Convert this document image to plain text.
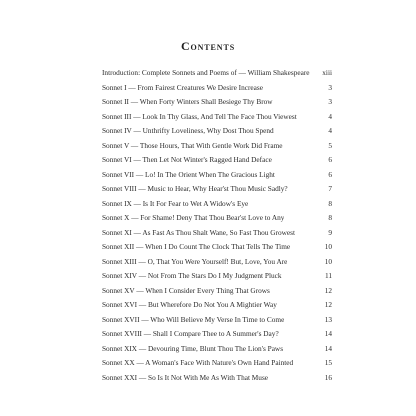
Contents
Introduction: Complete Sonnets and Poems of — William Shakespeare	xiii
Sonnet I — From Fairest Creatures We Desire Increase	3
Sonnet II — When Forty Winters Shall Besiege Thy Brow	3
Sonnet III — Look In Thy Glass, And Tell The Face Thou Viewest	4
Sonnet IV — Unthrifty Loveliness, Why Dost Thou Spend	4
Sonnet V — Those Hours, That With Gentle Work Did Frame	5
Sonnet VI — Then Let Not Winter's Ragged Hand Deface	6
Sonnet VII — Lo! In The Orient When The Gracious Light	6
Sonnet VIII — Music to Hear, Why Hear'st Thou Music Sadly?	7
Sonnet IX — Is It For Fear to Wet A Widow's Eye	8
Sonnet X — For Shame! Deny That Thou Bear'st Love to Any	8
Sonnet XI — As Fast As Thou Shalt Wane, So Fast Thou Growest	9
Sonnet XII — When I Do Count The Clock That Tells The Time	10
Sonnet XIII — O, That You Were Yourself! But, Love, You Are	10
Sonnet XIV — Not From The Stars Do I My Judgment Pluck	11
Sonnet XV — When I Consider Every Thing That Grows	12
Sonnet XVI — But Wherefore Do Not You A Mightier Way	12
Sonnet XVII — Who Will Believe My Verse In Time to Come	13
Sonnet XVIII — Shall I Compare Thee to A Summer's Day?	14
Sonnet XIX — Devouring Time, Blunt Thou The Lion's Paws	14
Sonnet XX — A Woman's Face With Nature's Own Hand Painted	15
Sonnet XXI — So Is It Not With Me As With That Muse	16
